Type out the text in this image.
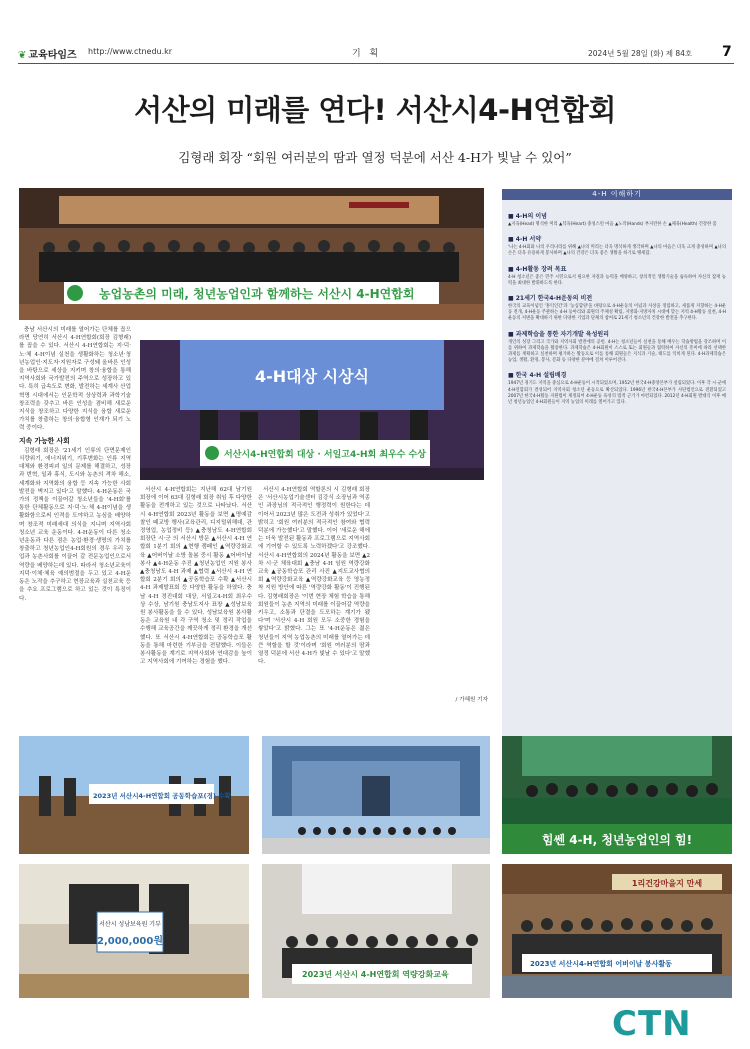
❦ 교육타임즈 http://www.ctnedu.kr	기 획	2024년 5월 28일 (화) 제 84호 7
서산의 미래를 연다! 서산시4-H연합회
김형래 회장 “회원 여러분의 땀과 열정 덕분에 서산 4-H가 빛날 수 있어”
농업농촌의 미래, 청년농업인과 함께하는 서산시 4-H연합회

충남 서산시의 미래를 열어가는 단체를 꼽으라면 당연히 서산시 4-H연합회(회장 김형래)를 꼽을 수 있다. 서산시 4-H연합회는 지·덕·노·체 4-H이념 실천을 생활화하는 청소년·청년농업인·지도자·지원자로 구성돼 올바른 인성을 바탕으로 세상을 지키며 창의·융합을 통해 지역사회와 국가발전의 주역으로 성장하고 있다. 특히 급속도로 변화, 발전하는 세계사 산업혁명 시대에서는 인문학적 상상력과 과학기술 창조력을 갖추고 바른 인성을 겸비해 새로운 지식을 창조하고 다양한 지식을 융합 새로운 가치를 창출하는 창의·융합형 인재가 되기 노력 중이다.

지속 가능한 사회

김형래 회장은 '21세기 인류의 단면문제인 식량위기, 에너지위기, 기후변화는 인류 지역대체와 환경피괴 일의 문제를 해결하고, 성장과 번혁, 일과 휴식, 도시와 농촌의 격차 해소, 세계화와 지역화의 융합 등 지속 가능한 사회발전을 벽지고 있다'고 말했다. 4-H운동은 국가의 정책을 이끌어갈 청소년들을 '4-H회'를 통한 단체활동으로 지·덕·노·체 4-H이념을 생활화함으로써 인격을 도야하고 농심을 배양하며 창조적 미래세대 의식을 지니며 지역사회 청소년 교육 운동이다. 4-H운동이 다른 청소년운동과 다른 점은 농업·환경·생명의 가치를 창출하고 청년농업인4-H회원의 경우 우리 농업과 농촌사회를 이끌어 갈 전문농업인으로서 역량을 배양하는데 있다. 따라서 청소년교육이 지덕·이체·체육 예의범절을 두고 있고 4-H운동은 노작을 추구하고 현장교육과 실천교육 등을 추요 프로그램으로 하고 있는 것이 특징이다.

4-H대상 시상식
서산시4-H연합회 대상 · 서일고4-H회 최우수 수상

서산시 4-H연합회는 지난해 62대 남기원 회장에 이어 63대 김형래 회장 취임 후 다양한 활동을 전개하고 있는 것으로 나타났다. 서산시 4-H연합회 2023년 활동을 보면 ▲명예감찰인 떼교방 행사(교육관리, 디지털위해대, 관정영업, 농업정비 등) ▲충청남도 4-H연합회 회장단 시·군 의 서산시 방문 ▲서산시 4-H 연합회 1분기 회의 ▲현행 캠페인 ▲역량강화교육 ▲어버이날 소방 돌봄 중시 활동 ▲어버이날 봉사 ▲4-H운동 추진 ▲청년농업인 지원 봉사 ▲충청남도 4-H 과제 ▲협력 ▲서산시 4-H 연합회 2분기 회의 ▲공동학습포 수확 ▲서산시 4-H 과제발표회 등 다양한 활동을 하였다. 충남 4-H 경진대회 대상, 서일고4-H회 최우수상 수상, 남기원 충남도지사 표창 ▲성남보육원 봉사활동을 들 수 있다. 성남보육원 봉사활동은 교육원 내 각 구역 청소 및 정리 작업을 수행해 교육공간을 깨끗하게 정리 환경을 개선했다. 또 서산시 4-H연합회는 공동학습포 활동을 통해 마련한 기부금을 전달했다. 이들은 봉사활동을 계기로 지역사회와 연대감을 높이고 지역사회에 기여하는 경험을 했다.

서산시 4-H연합회 역할론의 시 김형래 회장은 '서산시농업기술센터 김강식 소장님과 역종인 과장님의 적극적인 행정력이 원한다는 데 이어서 2023년 많은 도전과 성취가 있었다'고 밝히고 '회원 여러분의 적극적인 참여와 협력 덕분에 가능했다'고 말했다. 이어 '새로운 해에는 더욱 발전된 활동과 프로그램으로 지역사회에 기여할 수 있도록 노력하겠다'고 강조했다. 서산시 4-H연합회의 2024년 활동을 보면 ▲2차 시·군 체육대회 ▲충남 4-H 임원 역량강화 교육 ▲공동학습포 관리 사진 ▲지도교사협의회 ▲역량강화교육 ▲역량강화교육 등 영농정착 지원 방안에 따른 '역량강화 활동'이 진행된다. 김형래회장은 '이번 현장 체험 학습을 통해 회원들이 농촌 지역의 미래를 이끌어갈 역량을 키우고, 소통과 단결을 도모하는 계기가 됐다'며 '서산시 4-H 회원 모두 소중한 경험을 쌓았다'고 밝혔다. 그는 또 '4-H운동은 젊은 청년들이 지역 농업농촌의 미래를 열어가는 데 큰 역할을 할 것'이라며 '회원 여러분의 땀과 열정 덕분에 서산 4-H가 빛날 수 있다'고 말했다.

/ 가혜원 기자

4-H 이해하기
■ 4-H의 이념

▲지육(Head) 명석한 머리 ▲덕육(Heart) 충성스런 마음 ▲노작(Hands) 부지런한 손 ▲체육(Health) 건강한 몸

■ 4-H 서약

'나는 4-H회와 나의 우리나라를 위해 ▲나의 머리는 더욱 명석하게 생각하며 ▲나의 마음은 더욱 크게 충성하며 ▲나의 손은 더욱 유용하게 봉사하며 ▲나의 건강은 더욱 좋은 생활을 하기로 맹세함.

■ 4-H활동 장려 목표

4-H 청소년은 좋은 민주 시민으로서 필요한 자질과 능력을 배양하고, 창의적인 생활기술을 습득하여 자신의 잠재 능력을 최대한 발휘하도록 한다.

■ 21세기 한국4-H운동의 비전

한국의 교육이념인 '홍익인간'과 '농심함양'을 바탕으로 4-H운동의 이념과 사상을 정립하고, 새롭게 지향하는 4-H운동 전개, 4-H운동 주관하는 4-H 동아리와 회원의 주체성 확립, 지방화·지방자치 시대에 맞는 지역 4-H활동 실천, 4-H운동의 저변을 확대하기 위한 다양한 기업과 단체의 참여로 21세기 청소년의 건강한 발전을 추구한다.

■ 과제학습을 통한 자기개발 육성원리

개인의 성장 그리고 국가와 지역사회 발전에의 공헌. 4-H는 청소년들이 실천을 통해 배우는 학습방법을 강조하며 이를 위하여 과제학습을 활용한다. 과제학습은 4-H회원이 스스로 또는 회원들과 협력하여 자신의 흥미에 따라 선택한 과제를 계획하고 실천하며 평가하는 활동으로 이를 통해 회원들은 지식과 기술, 태도를 익히게 된다. 4-H과제학습은 농업, 생활, 환경, 봉사, 문화 등 다양한 분야에 걸쳐 이루어진다.

■ 한국 4-H 설립배경

1947년 경기도 지역을 중심으로 4-H운동이 시작되었으며, 1952년 한국4-H중앙본부가 설립되었다. 이후 각 시·군에 4-H연합회가 결성되어 지역사회 청소년 운동으로 확산되었다. 1996년 한국4-H본부가 사단법인으로 전환되었고 2007년 한국4-H활동 지원법이 제정되어 4-H운동 육성의 법적 근거가 마련되었다. 2012년 4-H회원 발대식 이후 매년 청년농업인 4-H회원들이 지역 농업의 미래를 열어가고 있다.

2023년 서산시4-H연합회 공동학습포(경) 수확
힘쎈 4-H, 청년농업인의 힘!
서산시 성남보육원 기부
2,000,000원
2023년 서산시 4-H연합회 역량강화교육
1리건강마을지 만세
2023년 서산시4-H연합회 어버이날 봉사활동
CTN
